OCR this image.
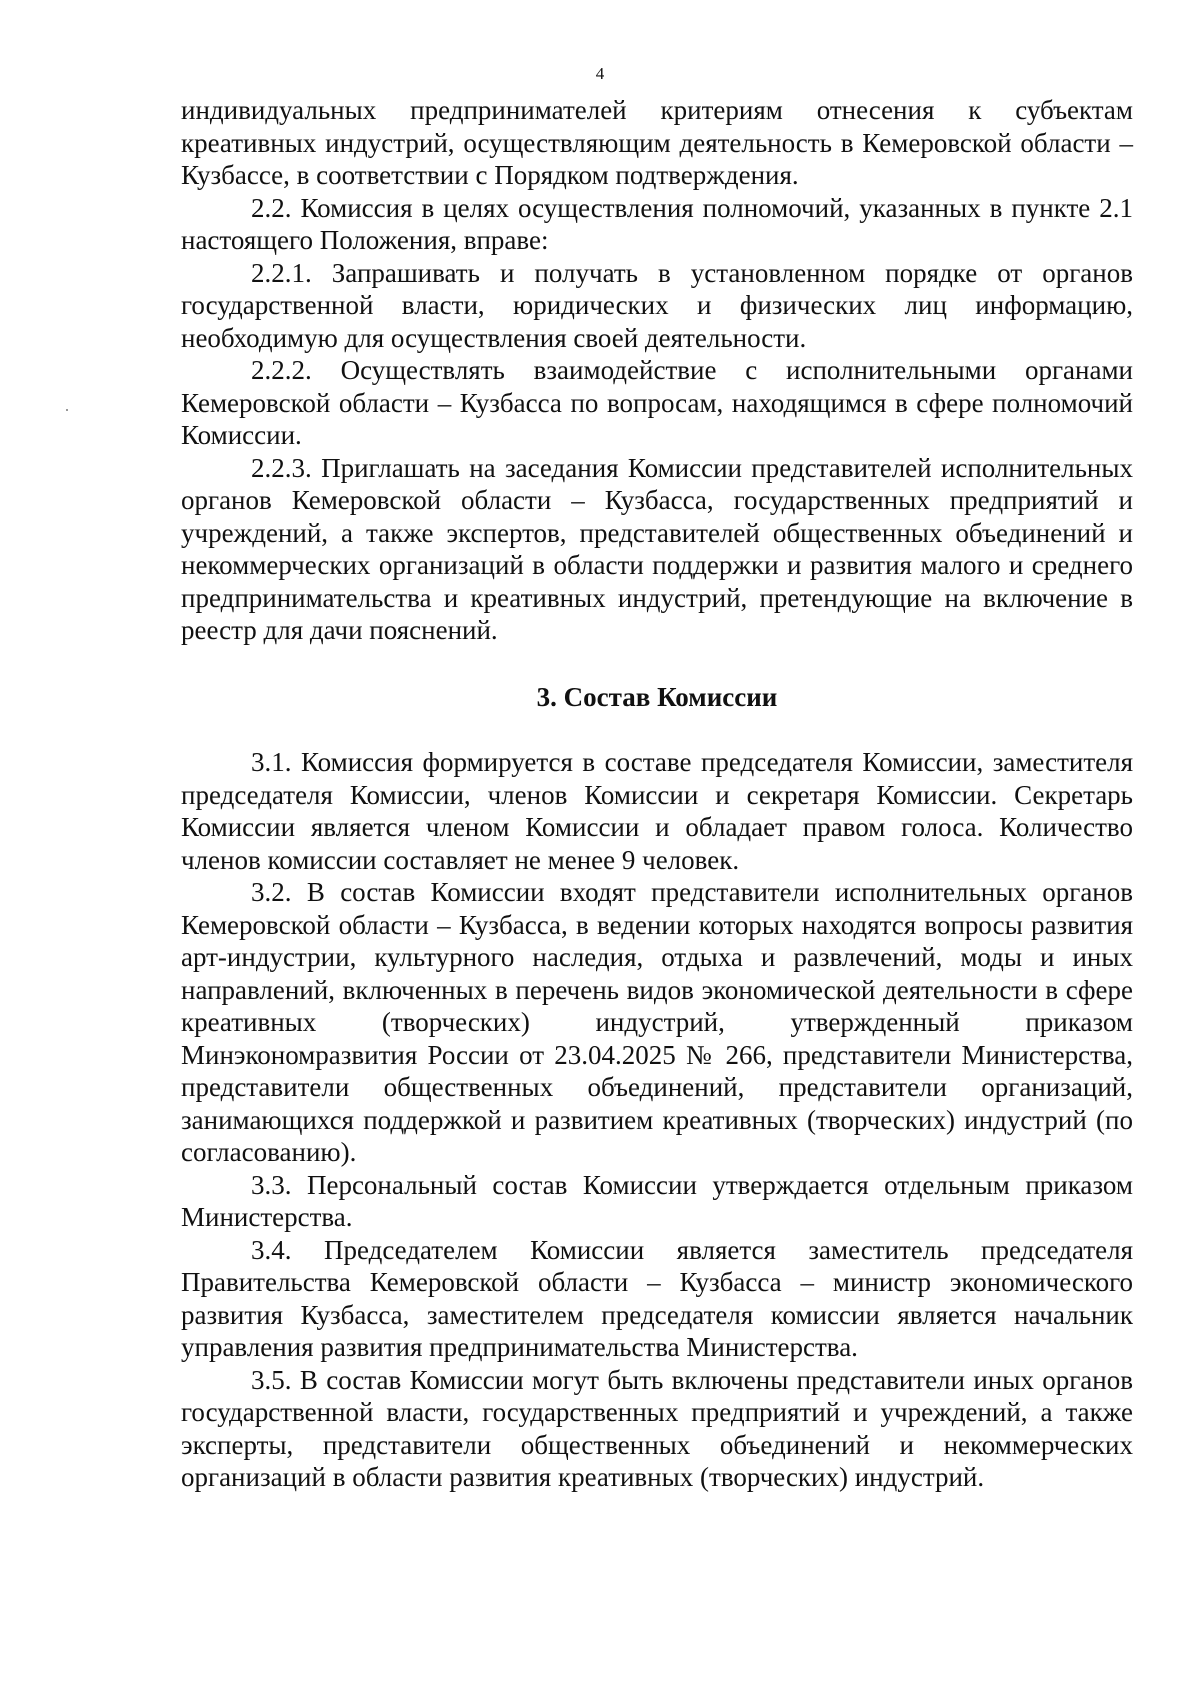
4

индивидуальных предпринимателей критериям отнесения к субъектам креативных индустрий, осуществляющим деятельность в Кемеровской области – Кузбассе, в соответствии с Порядком подтверждения.

2.2. Комиссия в целях осуществления полномочий, указанных в пункте 2.1 настоящего Положения, вправе:

2.2.1. Запрашивать и получать в установленном порядке от органов государственной власти, юридических и физических лиц информацию, необходимую для осуществления своей деятельности.

2.2.2. Осуществлять взаимодействие с исполнительными органами Кемеровской области – Кузбасса по вопросам, находящимся в сфере полномочий Комиссии.

2.2.3. Приглашать на заседания Комиссии представителей исполнительных органов Кемеровской области – Кузбасса, государственных предприятий и учреждений, а также экспертов, представителей общественных объединений и некоммерческих организаций в области поддержки и развития малого и среднего предпринимательства и креативных индустрий, претендующие на включение в реестр для дачи пояснений.

3. Состав Комиссии

3.1. Комиссия формируется в составе председателя Комиссии, заместителя председателя Комиссии, членов Комиссии и секретаря Комиссии. Секретарь Комиссии является членом Комиссии и обладает правом голоса. Количество членов комиссии составляет не менее 9 человек.

3.2. В состав Комиссии входят представители исполнительных органов Кемеровской области – Кузбасса, в ведении которых находятся вопросы развития арт-индустрии, культурного наследия, отдыха и развлечений, моды и иных направлений, включенных в перечень видов экономической деятельности в сфере креативных (творческих) индустрий, утвержденный приказом Минэкономразвития России от 23.04.2025 № 266, представители Министерства, представители общественных объединений, представители организаций, занимающихся поддержкой и развитием креативных (творческих) индустрий (по согласованию).

3.3. Персональный состав Комиссии утверждается отдельным приказом Министерства.

3.4. Председателем Комиссии является заместитель председателя Правительства Кемеровской области – Кузбасса – министр экономического развития Кузбасса, заместителем председателя комиссии является начальник управления развития предпринимательства Министерства.

3.5. В состав Комиссии могут быть включены представители иных органов государственной власти, государственных предприятий и учреждений, а также эксперты, представители общественных объединений и некоммерческих организаций в области развития креативных (творческих) индустрий.
